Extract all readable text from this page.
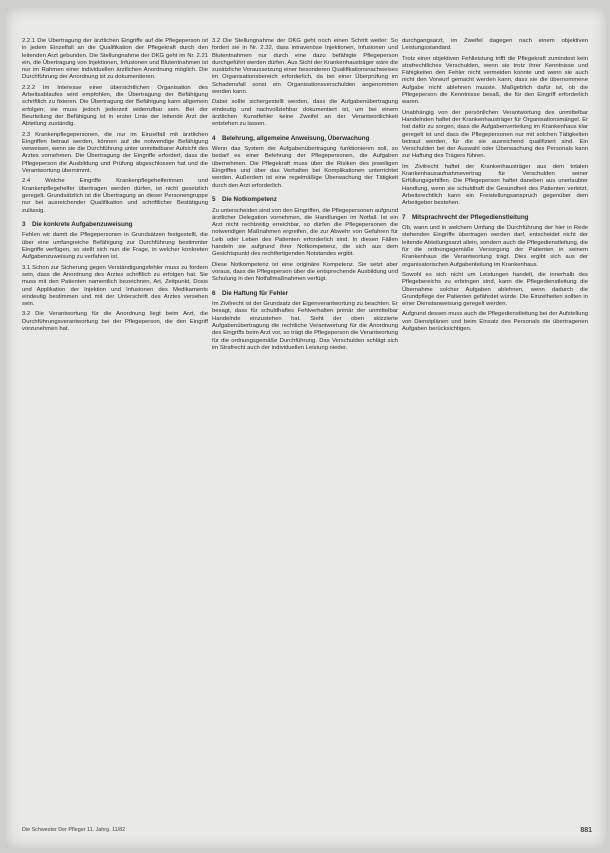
2.2.1 Die Übertragung der ärztlichen Eingriffe auf die Pflegeperson ist in jedem Einzelfall an die Qualifikation der Pflegekraft durch den leitenden Arzt gebunden. Die Stellungnahme der DKG geht im Nr. 2.21 ein, die Übertragung von Injektionen, Infusionen und Blutentnahmen ist nur im Rahmen einer individuellen ärztlichen Anordnung möglich. Die Durchführung der Anordnung ist zu dokumentieren.

2.2.2 Im Interesse einer übersichtlichen Organisation des Arbeitsablaufes wird empfohlen, die Übertragung der Befähigung schriftlich zu fixieren. Die Übertragung der Befähigung kann allgemein erfolgen; sie muss jedoch jederzeit widerrufbar sein. Bei der Beurteilung der Befähigung ist in erster Linie der leitende Arzt der Abteilung zuständig.

2.3 Krankenpflegepersonen, die nur im Einzelfall mit ärztlichen Eingriffen betraut werden, können auf die notwendige Befähigung verweisen, wenn sie die Durchführung unter unmittelbarer Aufsicht des Arztes vornehmen. Die Übertragung der Eingriffe erfordert, dass die Pflegeperson die Ausbildung und Prüfung abgeschlossen hat und die Verantwortung übernimmt.

2.4 Welche Eingriffe Krankenpflegehelferinnen und Krankenpflegehelfer übertragen werden dürfen, ist nicht gesetzlich geregelt. Grundsätzlich ist die Übertragung an dieser Personengruppe nur bei ausreichender Qualifikation und schriftlicher Bestätigung zulässig.

3	Die konkrete Aufgabenzuweisung

Fehlen wir damit die Pflegepersonen in Grundsätzen festgestellt, die über eine umfangreiche Befähigung zur Durchführung bestimmter Eingriffe verfügen, so stellt sich nun die Frage, in welcher konkreten Aufgabenzuweisung zu verfahren ist.

3.1 Schon zur Sicherung gegen Verständigungsfehler muss zu fordern sein, dass die Anordnung des Arztes schriftlich zu erfolgen hat. Sie muss mit den Patienten namentlich bezeichnen, Art, Zeitpunkt, Dosis und Applikation der Injektion und Infusionen des Medikaments eindeutig bestimmen und mit der Unterschrift des Arztes versehen sein.

3.2 Die Verantwortung für die Anordnung liegt beim Arzt, die Durchführungsverantwortung bei der Pflegeperson, die den Eingriff vorzunehmen hat.

3.2 Die Stellungnahme der DKG geht noch einen Schritt weiter: So fordert sie in Nr. 2.32, dass intravenöse Injektionen, Infusionen und Blutentnahmen nur durch eine dazu befähigte Pflegeperson durchgeführt werden dürfen. Aus Sicht der Krankenhausträger wäre die zusätzliche Voraussetzung einer besonderen Qualifikationsnachweises im Organisationsbereich erforderlich, da bei einer Überprüfung im Schadensfall sonst ein Organisationsverschulden angenommen werden kann.

Dabei sollte sichergestellt werden, dass die Aufgabenübertragung eindeutig und nachvollziehbar dokumentiert ist, um bei einem ärztlichen Kunstfehler keine Zweifel an der Verantwortlichkeit entstehen zu lassen.

4	Belehrung, allgemeine Anweisung, Überwachung

Wenn das System der Aufgabenübertragung funktionieren soll, so bedarf es einer Belehrung der Pflegepersonen, die Aufgaben übernehmen. Die Pflegekraft muss über die Risiken des jeweiligen Eingriffes und über das Verhalten bei Komplikationen unterrichtet werden. Außerdem ist eine regelmäßige Überwachung der Tätigkeit durch den Arzt erforderlich.

5	Die Notkompetenz

Zu unterscheiden sind von den Eingriffen, die Pflegepersonen aufgrund ärztlicher Delegation vornehmen, die Handlungen im Notfall. Ist ein Arzt nicht rechtzeitig erreichbar, so dürfen die Pflegepersonen die notwendigen Maßnahmen ergreifen, die zur Abwehr von Gefahren für Leib oder Leben des Patienten erforderlich sind. In diesen Fällen handeln sie aufgrund ihrer Notkompetenz, die sich aus dem Gesichtspunkt des rechtfertigenden Notstandes ergibt.

Diese Notkompetenz ist eine originäre Kompetenz. Sie setzt aber voraus, dass die Pflegeperson über die entsprechende Ausbildung und Schulung in den Notfallmaßnahmen verfügt.

6	Die Haftung für Fehler

Im Zivilrecht ist der Grundsatz der Eigenverantwortung zu beachten. Er besagt, dass für schuldhaftes Fehlverhalten primär der unmittelbar Handelnde einzustehen hat. Sieht der oben skizzierte Aufgabenübertragung die rechtliche Verantwortung für die Anordnung des Eingriffs beim Arzt vor, so trägt die Pflegeperson die Verantwortung für die ordnungsgemäße Durchführung. Das Verschulden schlägt sich im Strafrecht auch der individuellen Leistung nieder.

durchgangsarzt, im Zweifel dagegen nach einem objektiven Leistungsstandard.

Trotz einer objektiven Fehlleistung trifft die Pflegekraft zumindest kein strafrechtliches Verschulden, wenn sie trotz ihrer Kenntnisse und Fähigkeiten den Fehler nicht vermeiden konnte und wenn sie auch nicht den Vorwurf gemacht werden kann, dass sie die übernommene Aufgabe nicht ablehnen musste. Maßgeblich dafür ist, ob die Pflegeperson die Kenntnisse besaß, die für den Eingriff erforderlich waren.

Unabhängig von der persönlichen Verantwortung des unmittelbar Handelnden haftet der Krankenhausträger für Organisationsmängel. Er hat dafür zu sorgen, dass die Aufgabenverteilung im Krankenhaus klar geregelt ist und dass die Pflegepersonen nur mit solchen Tätigkeiten betraut werden, für die sie ausreichend qualifiziert sind. Ein Verschulden bei der Auswahl oder Überwachung des Personals kann zur Haftung des Trägers führen.

Im Zivilrecht haftet der Krankenhausträger aus dem totalen Krankenhausaufnahmevertrag für Verschulden seiner Erfüllungsgehilfen. Die Pflegeperson haftet daneben aus unerlaubter Handlung, wenn sie schuldhaft die Gesundheit des Patienten verletzt. Arbeitsrechtlich kann ein Freistellungsanspruch gegenüber dem Arbeitgeber bestehen.

7	Mitsprachrecht der Pflegedienstleitung

Ob, wann und in welchem Umfang die Durchführung der hier in Rede stehenden Eingriffe übertragen werden darf, entscheidet nicht der leitende Abteilungsarzt allein, sondern auch die Pflegedienstleitung, die für die ordnungsgemäße Versorgung der Patienten in seinem Krankenhaus die Verantwortung trägt. Dies ergibt sich aus der organisatorischen Aufgabenteilung im Krankenhaus.

Sowohl es sich nicht um Leistungen handelt, die innerhalb des Pflegebereichs zu erbringen sind, kann die Pflegedienstleitung die Übernahme solcher Aufgaben ablehnen, wenn dadurch die Grundpflege der Patienten gefährdet würde. Die Einzelheiten sollten in einer Dienstanweisung geregelt werden.

Aufgrund dessen muss auch die Pflegedienstleitung bei der Aufstellung von Dienstplänen und beim Einsatz des Personals die übertragenen Aufgaben berücksichtigen.

Die Schwester Der Pfleger 11. Jahrg. 11/82	881
